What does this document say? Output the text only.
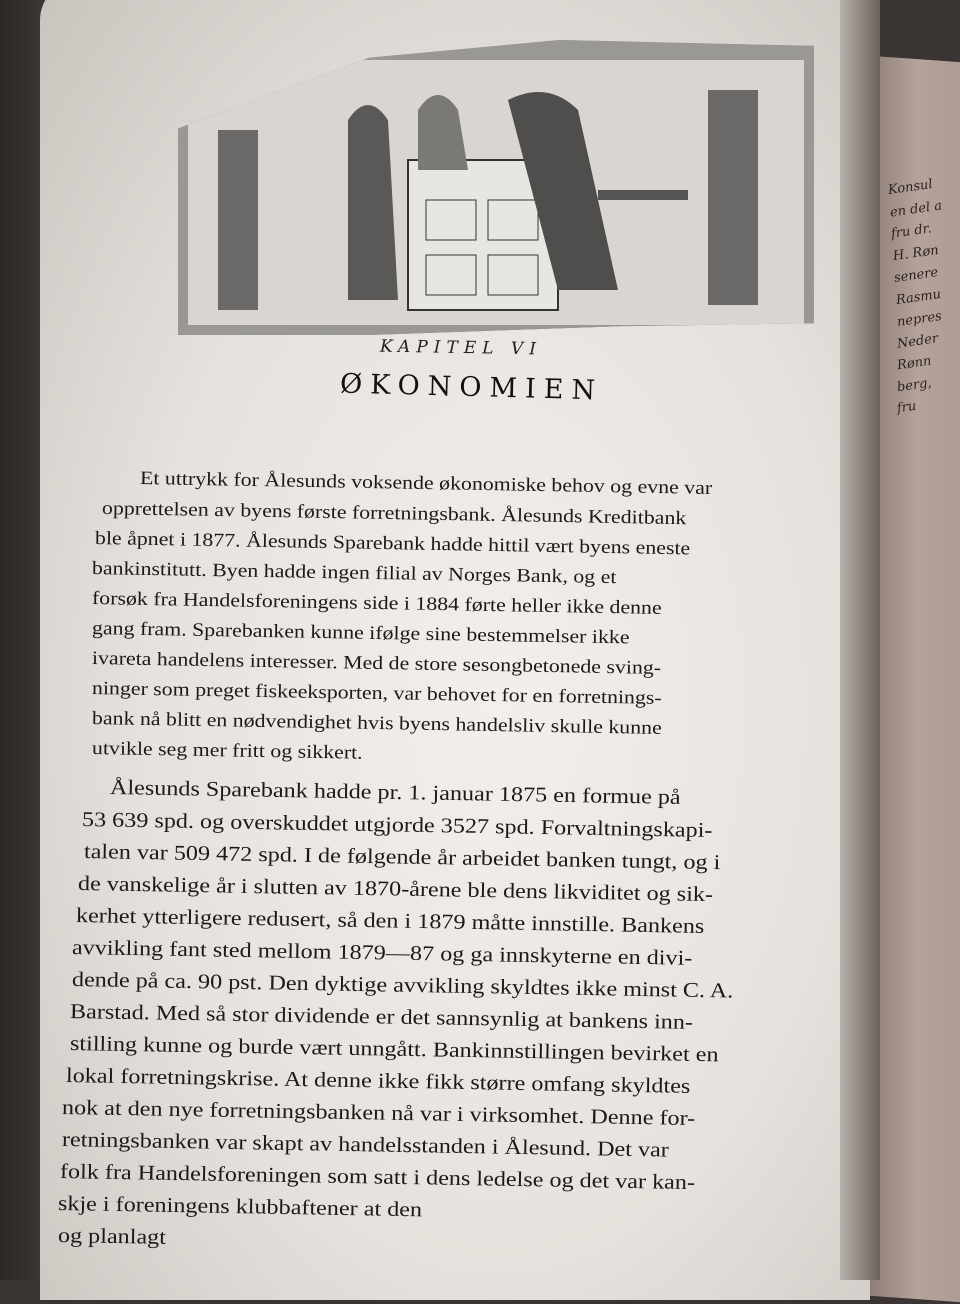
Konsul
en del a
fru dr.
H. Røn
senere
Rasmu
nepres
Neder
Rønn
berg,
fru
KAPITEL VI
ØKONOMIEN
Et uttrykk for Ålesunds voksende økonomiske behov og evne var
opprettelsen av byens første forretningsbank. Ålesunds Kreditbank
ble åpnet i 1877. Ålesunds Sparebank hadde hittil vært byens eneste
bankinstitutt. Byen hadde ingen filial av Norges Bank, og et
forsøk fra Handelsforeningens side i 1884 førte heller ikke denne
gang fram. Sparebanken kunne ifølge sine bestemmelser ikke
ivareta handelens interesser. Med de store sesongbetonede sving-
ninger som preget fiskeeksporten, var behovet for en forretnings-
bank nå blitt en nødvendighet hvis byens handelsliv skulle kunne
utvikle seg mer fritt og sikkert.
Ålesunds Sparebank hadde pr. 1. januar 1875 en formue på
53 639 spd. og overskuddet utgjorde 3527 spd. Forvaltningskapi-
talen var 509 472 spd. I de følgende år arbeidet banken tungt, og i
de vanskelige år i slutten av 1870-årene ble dens likviditet og sik-
kerhet ytterligere redusert, så den i 1879 måtte innstille. Bankens
avvikling fant sted mellom 1879—87 og ga innskyterne en divi-
dende på ca. 90 pst. Den dyktige avvikling skyldtes ikke minst C. A.
Barstad. Med så stor dividende er det sannsynlig at bankens inn-
stilling kunne og burde vært unngått. Bankinnstillingen bevirket en
lokal forretningskrise. At denne ikke fikk større omfang skyldtes
nok at den nye forretningsbanken nå var i virksomhet. Denne for-
retningsbanken var skapt av handelsstanden i Ålesund. Det var
folk fra Handelsforeningen som satt i dens ledelse og det var kan-
skje i foreningens klubbaftener at den
og planlagt
